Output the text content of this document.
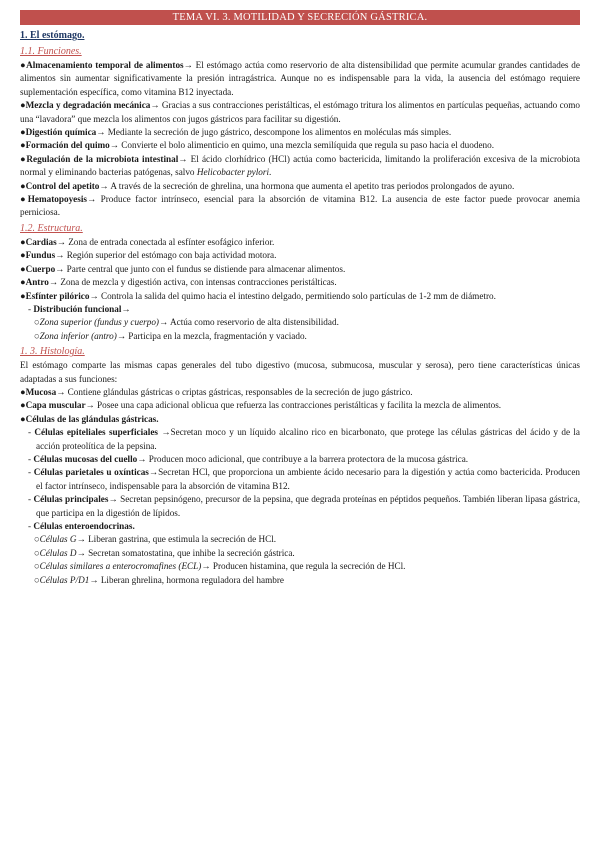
TEMA VI. 3. MOTILIDAD Y SECRECIÓN GÁSTRICA.
1. El estómago.
1.1. Funciones.
●Almacenamiento temporal de alimentos→ El estómago actúa como reservorio de alta distensibilidad que permite acumular grandes cantidades de alimentos sin aumentar significativamente la presión intragástrica. Aunque no es indispensable para la vida, la ausencia del estómago requiere suplementación específica, como vitamina B12 inyectada.
●Mezcla y degradación mecánica→ Gracias a sus contracciones peristálticas, el estómago tritura los alimentos en partículas pequeñas, actuando como una “lavadora” que mezcla los alimentos con jugos gástricos para facilitar su digestión.
●Digestión química→ Mediante la secreción de jugo gástrico, descompone los alimentos en moléculas más simples.
●Formación del quimo→ Convierte el bolo alimenticio en quimo, una mezcla semilíquida que regula su paso hacia el duodeno.
●Regulación de la microbiota intestinal→ El ácido clorhídrico (HCl) actúa como bactericida, limitando la proliferación excesiva de la microbiota normal y eliminando bacterias patógenas, salvo Helicobacter pylori.
●Control del apetito→ A través de la secreción de ghrelina, una hormona que aumenta el apetito tras periodos prolongados de ayuno.
●Hematopoyesis→ Produce factor intrínseco, esencial para la absorción de vitamina B12. La ausencia de este factor puede provocar anemia perniciosa.
1.2. Estructura.
●Cardias→ Zona de entrada conectada al esfínter esofágico inferior.
●Fundus→ Región superior del estómago con baja actividad motora.
●Cuerpo→ Parte central que junto con el fundus se distiende para almacenar alimentos.
●Antro→ Zona de mezcla y digestión activa, con intensas contracciones peristálticas.
●Esfínter pilórico→ Controla la salida del quimo hacia el intestino delgado, permitiendo solo partículas de 1-2 mm de diámetro.
- Distribución funcional→
○Zona superior (fundus y cuerpo)→ Actúa como reservorio de alta distensibilidad.
○Zona inferior (antro)→ Participa en la mezcla, fragmentación y vaciado.
1. 3. Histología.
El estómago comparte las mismas capas generales del tubo digestivo (mucosa, submucosa, muscular y serosa), pero tiene características únicas adaptadas a sus funciones:
●Mucosa→ Contiene glándulas gástricas o criptas gástricas, responsables de la secreción de jugo gástrico.
●Capa muscular→ Posee una capa adicional oblicua que refuerza las contracciones peristálticas y facilita la mezcla de alimentos.
●Células de las glándulas gástricas.
- Células epiteliales superficiales →Secretan moco y un líquido alcalino rico en bicarbonato, que protege las células gástricas del ácido y de la acción proteolítica de la pepsina.
- Células mucosas del cuello→ Producen moco adicional, que contribuye a la barrera protectora de la mucosa gástrica.
- Células parietales u oxínticas→Secretan HCl, que proporciona un ambiente ácido necesario para la digestión y actúa como bactericida. Producen el factor intrínseco, indispensable para la absorción de vitamina B12.
- Células principales→ Secretan pepsinógeno, precursor de la pepsina, que degrada proteínas en péptidos pequeños. También liberan lipasa gástrica, que participa en la digestión de lípidos.
- Células enteroendocrinas.
○Células G→ Liberan gastrina, que estimula la secreción de HCl.
○Células D→ Secretan somatostatina, que inhibe la secreción gástrica.
○Células similares a enterocromafines (ECL)→ Producen histamina, que regula la secreción de HCl.
○Células P/D1→ Liberan ghrelina, hormona reguladora del hambre
